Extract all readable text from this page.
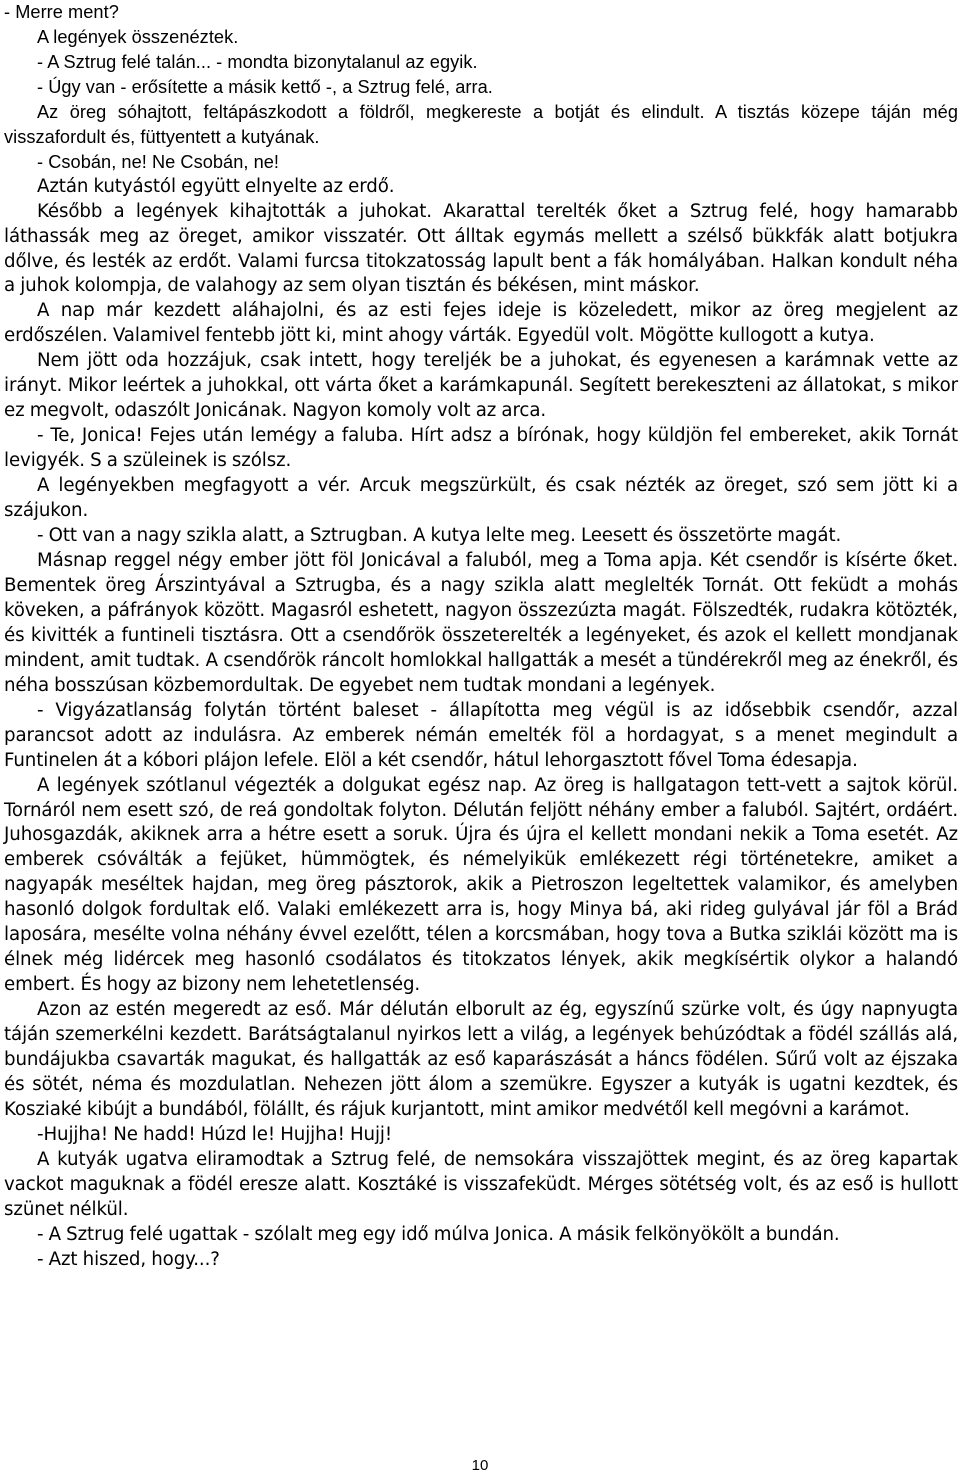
- Merre ment?

A legények összenéztek.

- A Sztrug felé talán... - mondta bizonytalanul az egyik.

- Úgy van - erősítette a másik kettő -, a Sztrug felé, arra.

Az öreg sóhajtott, feltápászkodott a földről, megkereste a botját és elindult. A tisztás közepe táján még visszafordult és, füttyentett a kutyának.

- Csobán, ne! Ne Csobán, ne!

Aztán kutyástól együtt elnyelte az erdő.

Később a legények kihajtották a juhokat. Akarattal terelték őket a Sztrug felé, hogy hamarabb láthassák meg az öreget, amikor visszatér. Ott álltak egymás mellett a szélső bükkfák alatt botjukra dőlve, és lesték az erdőt. Valami furcsa titokzatosság lapult bent a fák homályában. Halkan kondult néha a juhok kolompja, de valahogy az sem olyan tisztán és békésen, mint máskor.

A nap már kezdett aláhajolni, és az esti fejes ideje is közeledett, mikor az öreg megjelent az erdőszélen. Valamivel fentebb jött ki, mint ahogy várták. Egyedül volt. Mögötte kullogott a kutya.

Nem jött oda hozzájuk, csak intett, hogy tereljék be a juhokat, és egyenesen a karámnak vette az irányt. Mikor leértek a juhokkal, ott várta őket a karámkapunál. Segített berekeszteni az állatokat, s mikor ez megvolt, odaszólt Jonicának. Nagyon komoly volt az arca.

- Te, Jonica! Fejes után lemégy a faluba. Hírt adsz a bírónak, hogy küldjön fel embereket, akik Tornát levigyék. S a szüleinek is szólsz.

A legényekben megfagyott a vér. Arcuk megszürkült, és csak nézték az öreget, szó sem jött ki a szájukon.

- Ott van a nagy szikla alatt, a Sztrugban. A kutya lelte meg. Leesett és összetörte magát.

Másnap reggel négy ember jött föl Jonicával a faluból, meg a Toma apja. Két csendőr is kísérte őket. Bementek öreg Árszintyával a Sztrugba, és a nagy szikla alatt meglelték Tornát. Ott feküdt a mohás köveken, a páfrányok között. Magasról eshetett, nagyon összezúzta magát. Fölszedték, rudakra kötözték, és kivitték a funtineli tisztásra. Ott a csendőrök összeterelték a legényeket, és azok el kellett mondjanak mindent, amit tudtak. A csendőrök ráncolt homlokkal hallgatták a mesét a tündérekről meg az énekről, és néha bosszúsan közbemordultak. De egyebet nem tudtak mondani a legények.

- Vigyázatlanság folytán történt baleset - állapította meg végül is az idősebbik csendőr, azzal parancsot adott az indulásra. Az emberek némán emelték föl a hordagyat, s a menet megindult a Funtinelen át a kóbori plájon lefele. Elöl a két csendőr, hátul lehorgasztott fővel Toma édesapja.

A legények szótlanul végezték a dolgukat egész nap. Az öreg is hallgatagon tett-vett a sajtok körül. Tornáról nem esett szó, de reá gondoltak folyton. Délután feljött néhány ember a faluból. Sajtért, ordáért. Juhosgazdák, akiknek arra a hétre esett a soruk. Újra és újra el kellett mondani nekik a Toma esetét. Az emberek csóválták a fejüket, hümmögtek, és némelyikük emlékezett régi történetekre, amiket a nagyapák meséltek hajdan, meg öreg pásztorok, akik a Pietroszon legeltettek valamikor, és amelyben hasonló dolgok fordultak elő. Valaki emlékezett arra is, hogy Minya bá, aki rideg gulyával jár föl a Brád laposára, mesélte volna néhány évvel ezelőtt, télen a korcsmában, hogy tova a Butka szikláі között ma is élnek még lidércek meg hasonló csodálatos és titokzatos lények, akik megkísértik olykor a halandó embert. És hogy az bizony nem lehetetlenség.

Azon az estén megeredt az eső. Már délután elborult az ég, egyszínű szürke volt, és úgy napnyugta táján szemerkélni kezdett. Barátságtalanul nyirkos lett a világ, a legények behúzódtak a födél szállás alá, bundájukba csavarták magukat, és hallgatták az eső kaparászását a háncs födélen. Sűrű volt az éjszaka és sötét, néma és mozdulatlan. Nehezen jött álom a szemükre. Egyszer a kutyák is ugatni kezdtek, és Kosziaké kibújt a bundából, fölállt, és rájuk kurjantott, mint amikor medvétől kell megóvni a karámot.

-Hujjha! Ne hadd! Húzd le! Hujjha! Hujj!

A kutyák ugatva eliramodtak a Sztrug felé, de nemsokára visszajöttek megint, és az öreg kapartak vackot maguknak a födél eresze alatt. Kosztáké is visszafeküdt. Mérges sötétség volt, és az eső is hullott szünet nélkül.

- A Sztrug felé ugattak - szólalt meg egy idő múlva Jonica. A másik felkönyökölt a bundán.

- Azt hiszed, hogy...?

10
